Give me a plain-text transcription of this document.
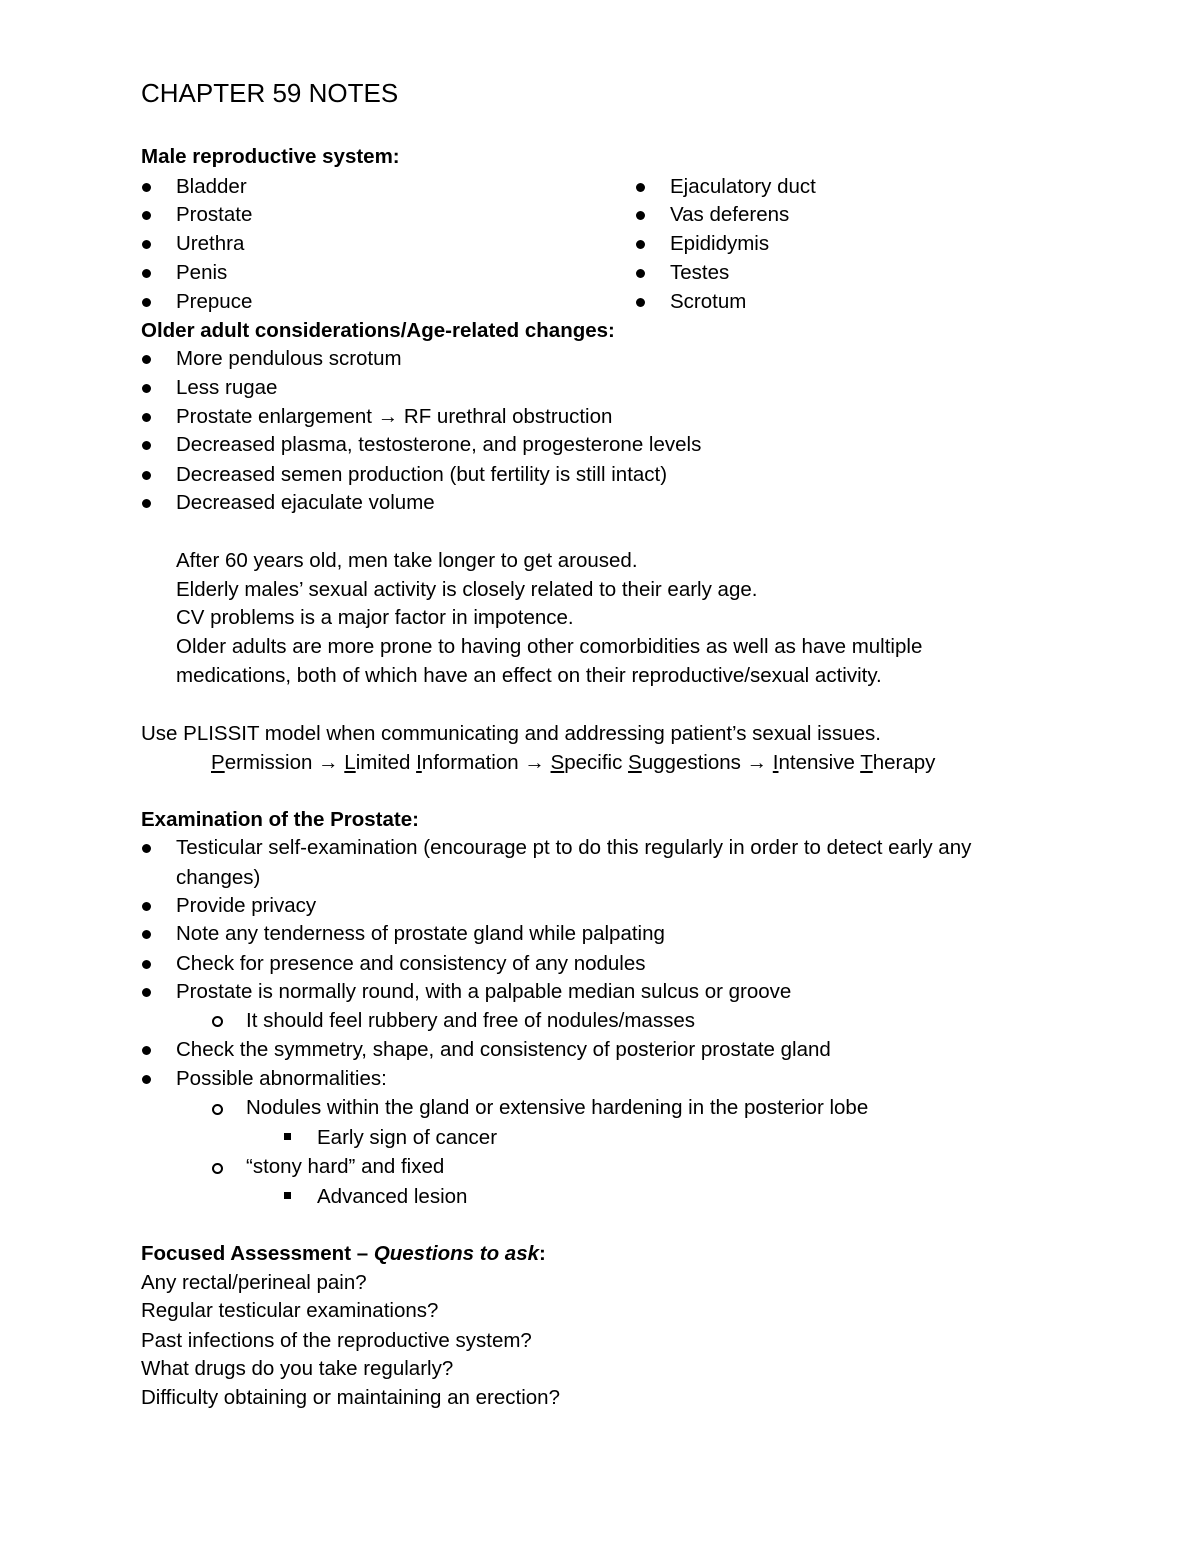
CHAPTER 59 NOTES
Male reproductive system:
Bladder
Prostate
Urethra
Penis
Prepuce
Ejaculatory duct
Vas deferens
Epididymis
Testes
Scrotum
Older adult considerations/Age-related changes:
More pendulous scrotum
Less rugae
Prostate enlargement → RF urethral obstruction
Decreased plasma, testosterone, and progesterone levels
Decreased semen production (but fertility is still intact)
Decreased ejaculate volume
After 60 years old, men take longer to get aroused.
Elderly males’ sexual activity is closely related to their early age.
CV problems is a major factor in impotence.
Older adults are more prone to having other comorbidities as well as have multiple
medications, both of which have an effect on their reproductive/sexual activity.
Use PLISSIT model when communicating and addressing patient’s sexual issues.
Permission → Limited Information → Specific Suggestions → Intensive Therapy
Examination of the Prostate:
Testicular self-examination (encourage pt to do this regularly in order to detect early any
changes)
Provide privacy
Note any tenderness of prostate gland while palpating
Check for presence and consistency of any nodules
Prostate is normally round, with a palpable median sulcus or groove
It should feel rubbery and free of nodules/masses
Check the symmetry, shape, and consistency of posterior prostate gland
Possible abnormalities:
Nodules within the gland or extensive hardening in the posterior lobe
Early sign of cancer
“stony hard” and fixed
Advanced lesion
Focused Assessment – Questions to ask:
Any rectal/perineal pain?
Regular testicular examinations?
Past infections of the reproductive system?
What drugs do you take regularly?
Difficulty obtaining or maintaining an erection?
